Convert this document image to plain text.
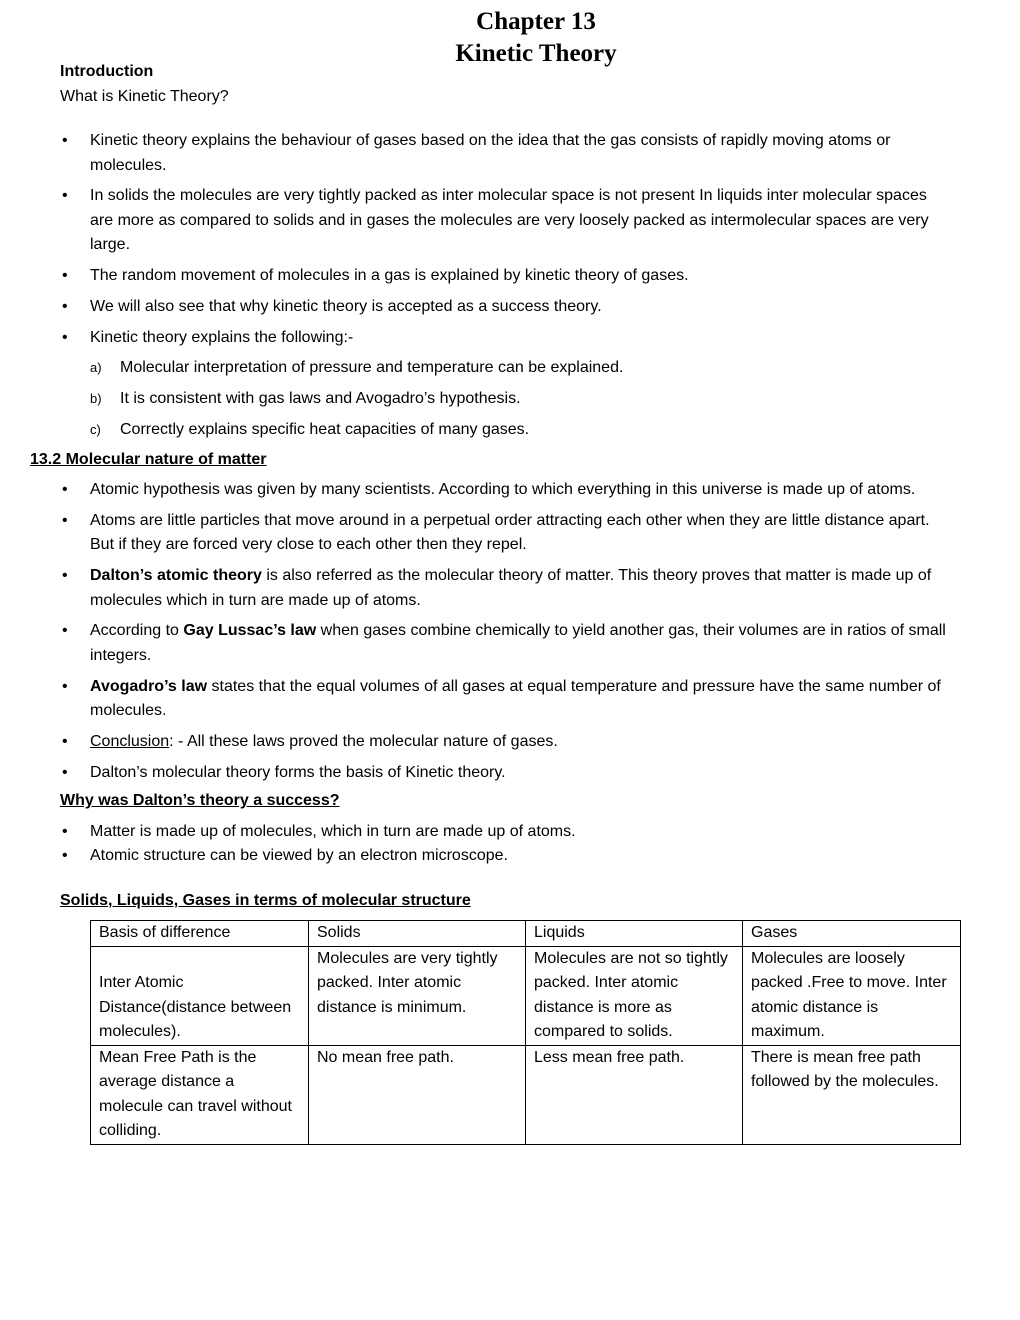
Chapter 13
Kinetic Theory
Introduction
What is Kinetic Theory?
• Kinetic theory explains the behaviour of gases based on the idea that the gas consists of rapidly moving atoms or molecules.
• In solids the molecules are very tightly packed as inter molecular space is not present In liquids inter molecular spaces are more as compared to solids and in gases the molecules are very loosely packed as intermolecular spaces are very large.
• The random movement of molecules in a gas is explained by kinetic theory of gases.
• We will also see that why kinetic theory is accepted as a success theory.
• Kinetic theory explains the following:-
a) Molecular interpretation of pressure and temperature can be explained.
b) It is consistent with gas laws and Avogadro’s hypothesis.
c) Correctly explains specific heat capacities of many gases.
13.2 Molecular nature of matter
• Atomic hypothesis was given by many scientists. According to which everything in this universe is made up of atoms.
• Atoms are little particles that move around in a perpetual order attracting each other when they are little distance apart. But if they are forced very close to each other then they repel.
• Dalton’s atomic theory is also referred as the molecular theory of matter. This theory proves that matter is made up of molecules which in turn are made up of atoms.
• According to Gay Lussac’s law when gases combine chemically to yield another gas, their volumes are in ratios of small integers.
• Avogadro’s law states that the equal volumes of all gases at equal temperature and pressure have the same number of molecules.
• Conclusion: - All these laws proved the molecular nature of gases.
• Dalton’s molecular theory forms the basis of Kinetic theory.
Why was Dalton’s theory a success?
• Matter is made up of molecules, which in turn are made up of atoms.
• Atomic structure can be viewed by an electron microscope.
Solids, Liquids, Gases in terms of molecular structure
Basis of difference	Solids	Liquids	Gases
Inter Atomic Distance(distance between molecules).	Molecules are very tightly packed. Inter atomic distance is minimum.	Molecules are not so tightly packed. Inter atomic distance is more as compared to solids.	Molecules are loosely packed .Free to move. Inter atomic distance is maximum.
Mean Free Path is the average distance a molecule can travel without colliding.	No mean free path.	Less mean free path.	There is mean free path followed by the molecules.
